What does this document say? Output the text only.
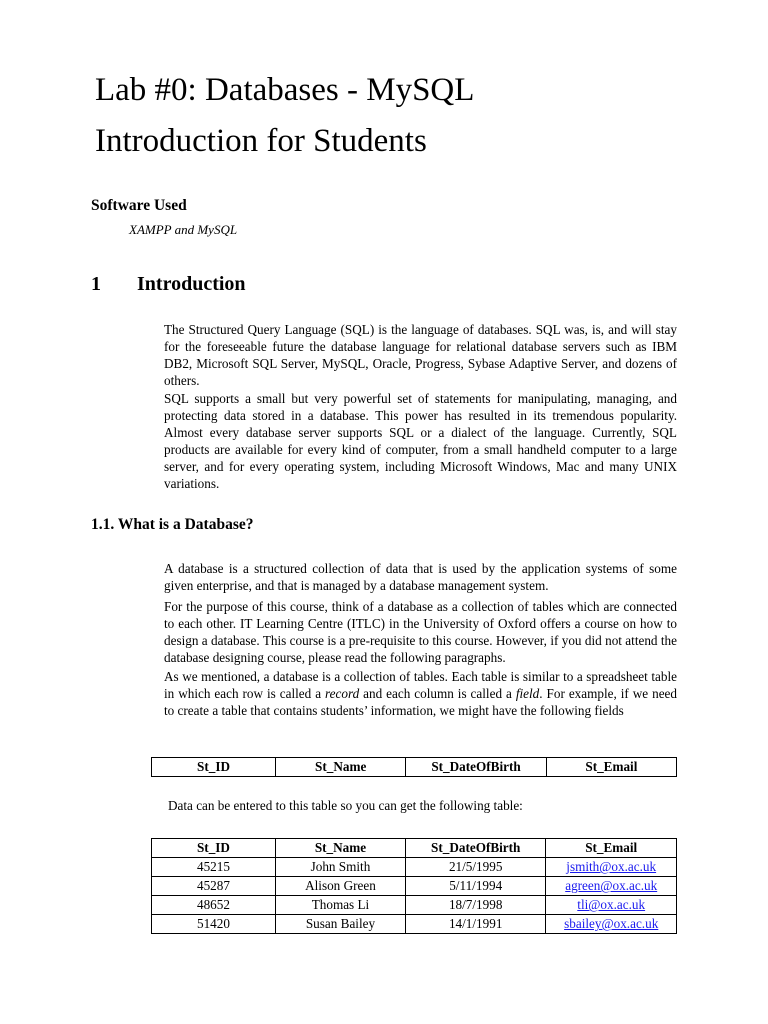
Lab #0: Databases - MySQL
Introduction for Students
Software Used
XAMPP and MySQL
1 Introduction

The Structured Query Language (SQL) is the language of databases. SQL was, is, and will stay for the foreseeable future the database language for relational database servers such as IBM DB2, Microsoft SQL Server, MySQL, Oracle, Progress, Sybase Adaptive Server, and dozens of others.

SQL supports a small but very powerful set of statements for manipulating, managing, and protecting data stored in a database. This power has resulted in its tremendous popularity. Almost every database server supports SQL or a dialect of the language. Currently, SQL products are available for every kind of computer, from a small handheld computer to a large server, and for every operating system, including Microsoft Windows, Mac and many UNIX variations.

1.1. What is a Database?

A database is a structured collection of data that is used by the application systems of some given enterprise, and that is managed by a database management system.

For the purpose of this course, think of a database as a collection of tables which are connected to each other. IT Learning Centre (ITLC) in the University of Oxford offers a course on how to design a database. This course is a pre-requisite to this course. However, if you did not attend the database designing course, please read the following paragraphs.

As we mentioned, a database is a collection of tables. Each table is similar to a spreadsheet table in which each row is called a record and each column is called a field. For example, if we need to create a table that contains students’ information, we might have the following fields

St_ID	St_Name	St_DateOfBirth	St_Email
Data can be entered to this table so you can get the following table:
St_ID	St_Name	St_DateOfBirth	St_Email
45215	John Smith	21/5/1995	jsmith@ox.ac.uk
45287	Alison Green	5/11/1994	agreen@ox.ac.uk
48652	Thomas Li	18/7/1998	tli@ox.ac.uk
51420	Susan Bailey	14/1/1991	sbailey@ox.ac.uk
